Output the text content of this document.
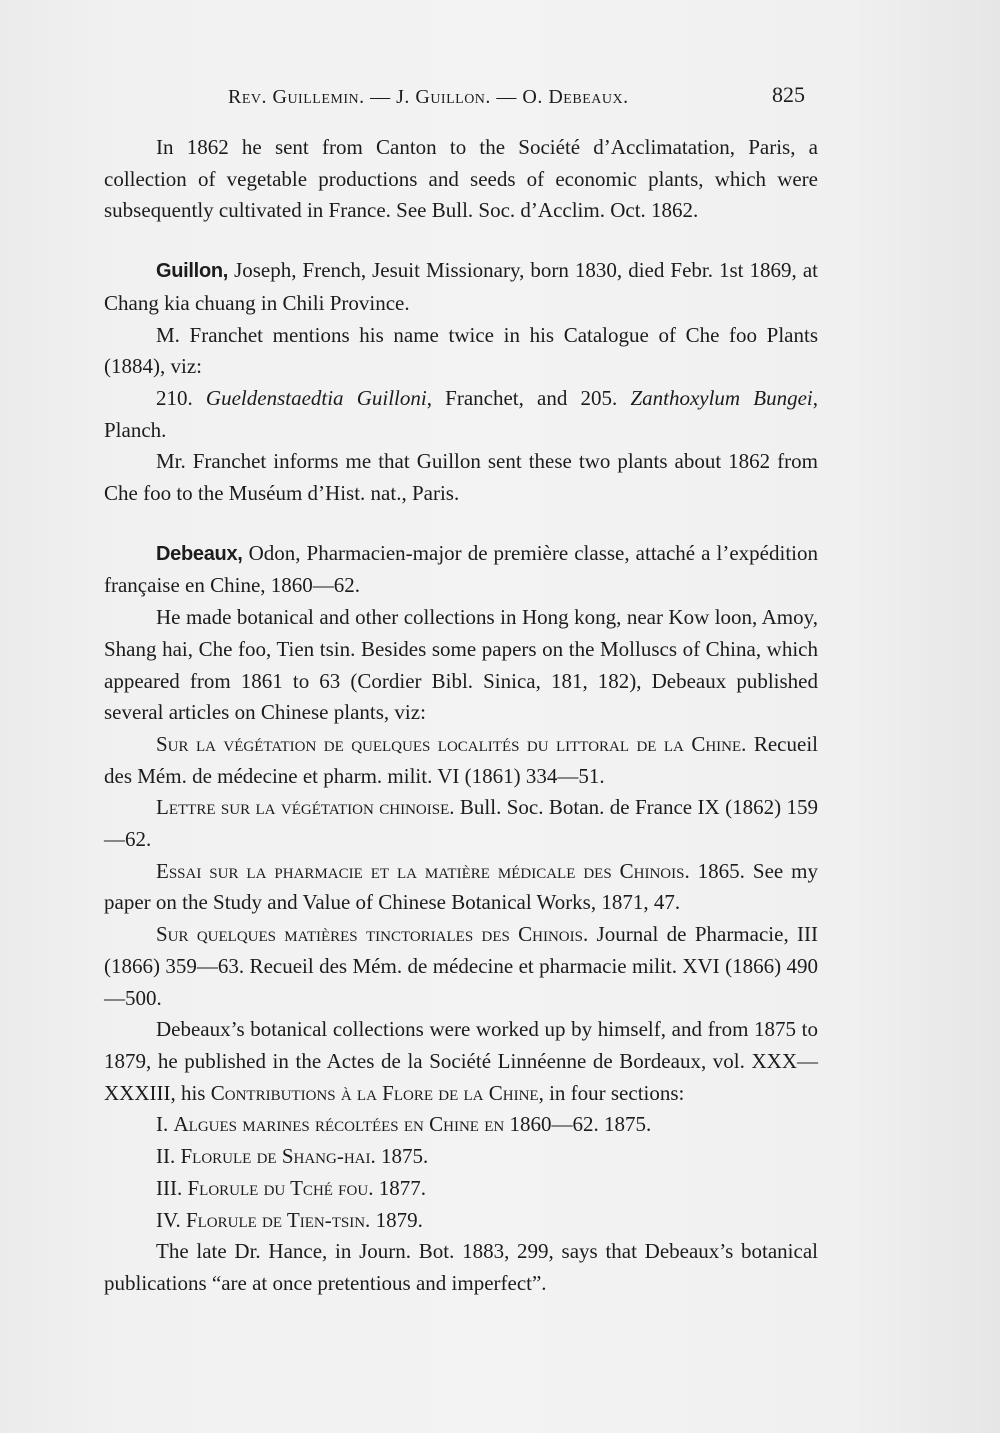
Rev. Guillemin. — J. Guillon. — O. Debeaux.	825

In 1862 he sent from Canton to the Société d’Acclimatation, Paris, a collection of vegetable productions and seeds of economic plants, which were subsequently cultivated in France. See Bull. Soc. d’Acclim. Oct. 1862.

Guillon, Joseph, French, Jesuit Missionary, born 1830, died Febr. 1st 1869, at Chang kia chuang in Chili Province.

M. Franchet mentions his name twice in his Catalogue of Che foo Plants (1884), viz:

210. Gueldenstaedtia Guilloni, Franchet, and 205. Zanthoxylum Bungei, Planch.

Mr. Franchet informs me that Guillon sent these two plants about 1862 from Che foo to the Muséum d’Hist. nat., Paris.

Debeaux, Odon, Pharmacien-major de première classe, attaché a l’expédition française en Chine, 1860—62.

He made botanical and other collections in Hong kong, near Kow loon, Amoy, Shang hai, Che foo, Tien tsin. Besides some papers on the Molluscs of China, which appeared from 1861 to 63 (Cordier Bibl. Sinica, 181, 182), Debeaux published several articles on Chinese plants, viz:

Sur la végétation de quelques localités du littoral de la Chine. Recueil des Mém. de médecine et pharm. milit. VI (1861) 334—51.

Lettre sur la végétation chinoise. Bull. Soc. Botan. de France IX (1862) 159—62.

Essai sur la pharmacie et la matière médicale des Chinois. 1865. See my paper on the Study and Value of Chinese Botanical Works, 1871, 47.

Sur quelques matières tinctoriales des Chinois. Journal de Pharmacie, III (1866) 359—63. Recueil des Mém. de médecine et pharmacie milit. XVI (1866) 490—500.

Debeaux’s botanical collections were worked up by himself, and from 1875 to 1879, he published in the Actes de la Société Linnéenne de Bordeaux, vol. XXX—XXXIII, his Contributions à la Flore de la Chine, in four sections:

I. Algues marines récoltées en Chine en 1860—62. 1875.

II. Florule de Shang-hai. 1875.

III. Florule du Tché fou. 1877.

IV. Florule de Tien-tsin. 1879.

The late Dr. Hance, in Journ. Bot. 1883, 299, says that Debeaux’s botanical publications “are at once pretentious and imperfect”.
